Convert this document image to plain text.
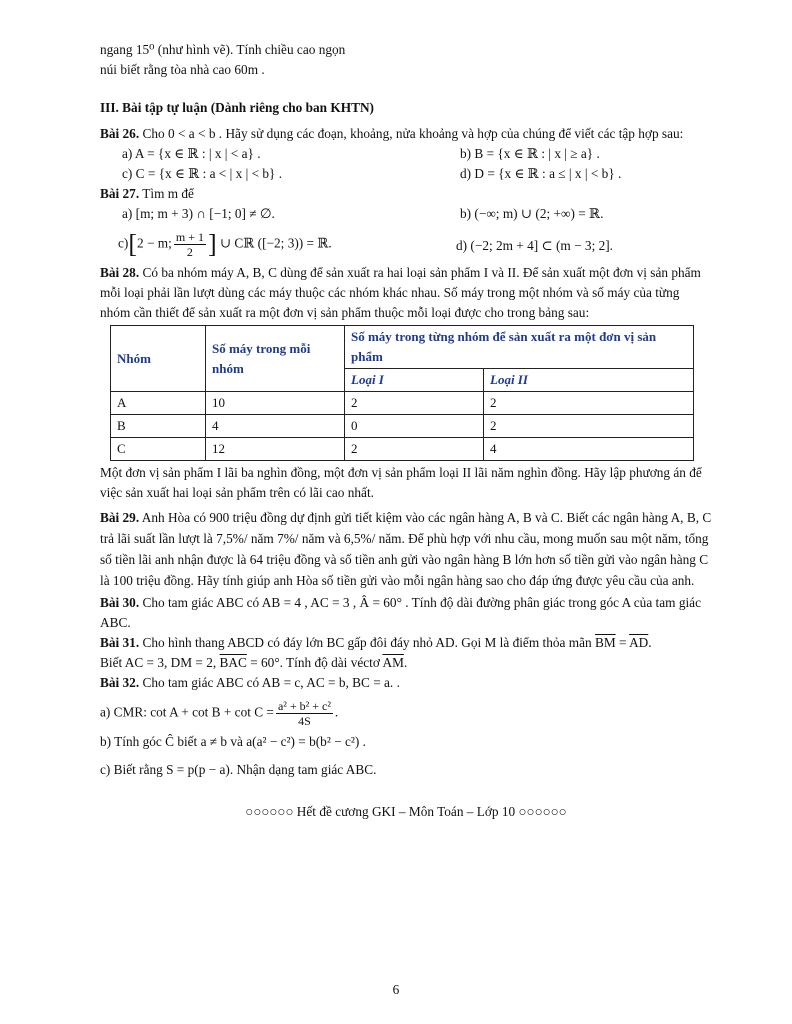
ngang 15⁰ (như hình vẽ). Tính chiều cao ngọn

núi biết rằng tòa nhà cao 60m .

III. Bài tập tự luận (Dành riêng cho ban KHTN)

Bài 26. Cho 0 < a < b . Hãy sử dụng các đoạn, khoảng, nửa khoảng và hợp của chúng để viết các tập hợp sau:

a) A = {x ∈ ℝ : | x | < a} .	b) B = {x ∈ ℝ : | x | ≥ a} .
c) C = {x ∈ ℝ : a < | x | < b} .	d) D = {x ∈ ℝ : a ≤ | x | < b} .

Bài 27. Tìm m để

a) [m; m + 3) ∩ [−1; 0] ≠ ∅.	b) (−∞; m) ∪ (2; +∞) = ℝ.
c)[2 − m; $\frac{m + 1}{2}$ ] ∪ Cℝ ([−2; 3)) = ℝ.	d) (−2; 2m + 4] ⊂ (m − 3; 2].

Bài 28. Có ba nhóm máy A, B, C dùng để sản xuất ra hai loại sản phẩm I và II. Để sản xuất một đơn vị sản phẩm mỗi loại phải lần lượt dùng các máy thuộc các nhóm khác nhau. Số máy trong một nhóm và số máy của từng nhóm cần thiết để sản xuất ra một đơn vị sản phẩm thuộc mỗi loại được cho trong bảng sau:

Nhóm	Số máy trong mỗi nhóm	Số máy trong từng nhóm để sản xuất ra một đơn vị sản phẩm	
		Loại I	Loại II
A	10	2	2
B	4	0	2
C	12	2	4

Một đơn vị sản phẩm I lãi ba nghìn đồng, một đơn vị sản phẩm loại II lãi năm nghìn đồng. Hãy lập phương án để việc sản xuất hai loại sản phẩm trên có lãi cao nhất.

Bài 29. Anh Hòa có 900 triệu đồng dự định gửi tiết kiệm vào các ngân hàng A, B và C. Biết các ngân hàng A, B, C trả lãi suất lần lượt là 7,5%/ năm 7%/ năm và 6,5%/ năm. Để phù hợp với nhu cầu, mong muốn sau một năm, tổng số tiền lãi anh nhận được là 64 triệu đồng và số tiền anh gửi vào ngân hàng B lớn hơn số tiền gửi vào ngân hàng C là 100 triệu đồng. Hãy tính giúp anh Hòa số tiền gửi vào mỗi ngân hàng sao cho đáp ứng được yêu cầu của anh.

Bài 30. Cho tam giác ABC có AB = 4 , AC = 3 , Â = 60° . Tính độ dài đường phân giác trong góc A của tam giác ABC.

Bài 31. Cho hình thang ABCD có đáy lớn BC gấp đôi đáy nhỏ AD. Gọi M là điểm thỏa mãn $\overline{BM} = \overline{AD}$.

Biết AC = 3, DM = 2, $\overline{BAC} = 60^\circ$. Tính độ dài véctơ $\overline{AM}$.

Bài 32. Cho tam giác ABC có AB = c, AC = b, BC = a. .

a) CMR: $\cot A + \cot B + \cot C = \frac{\text{a² + b² + c²}}{4S}$ .

b) Tính góc Ĉ biết a ≠ b và a(a² − c²) = b(b² − c²) .

c) Biết rằng S = p(p − a). Nhận dạng tam giác ABC.

○○○○○○ Hết đề cương GKI – Môn Toán – Lớp 10 ○○○○○○

6
